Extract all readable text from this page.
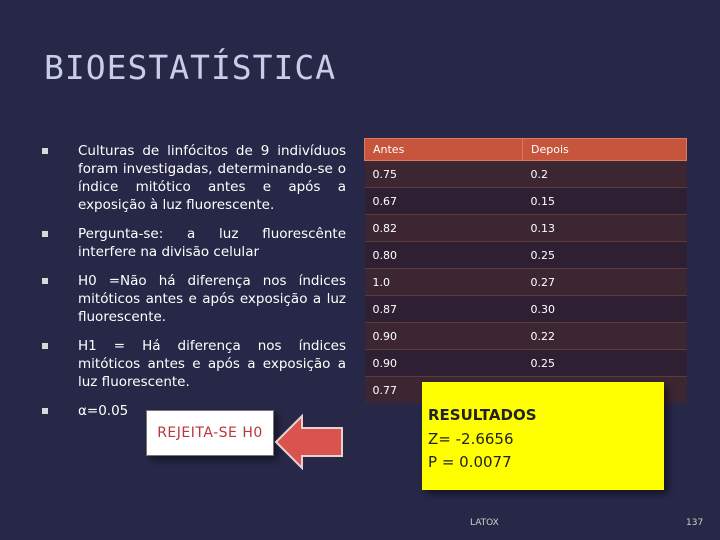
BIOESTATÍSTICA
Culturas de linfócitos de 9 indivíduos foram investigadas, determinando-se o índice mitótico antes e após a exposição à luz fluorescente.
Pergunta-se: a luz fluorescênte interfere na divisão celular
H0 =Não há diferença nos índices mitóticos antes e após exposição a luz fluorescente.
H1 = Há diferença nos índices mitóticos antes e após a exposição a luz fluorescente.
α=0.05
Antes	Depois
0.75	0.2
0.67	0.15
0.82	0.13
0.80	0.25
1.0	0.27
0.87	0.30
0.90	0.22
0.90	0.25
0.77	
REJEITA-SE H0
RESULTADOS
Z= -2.6656
P = 0.0077
LATOX	137
